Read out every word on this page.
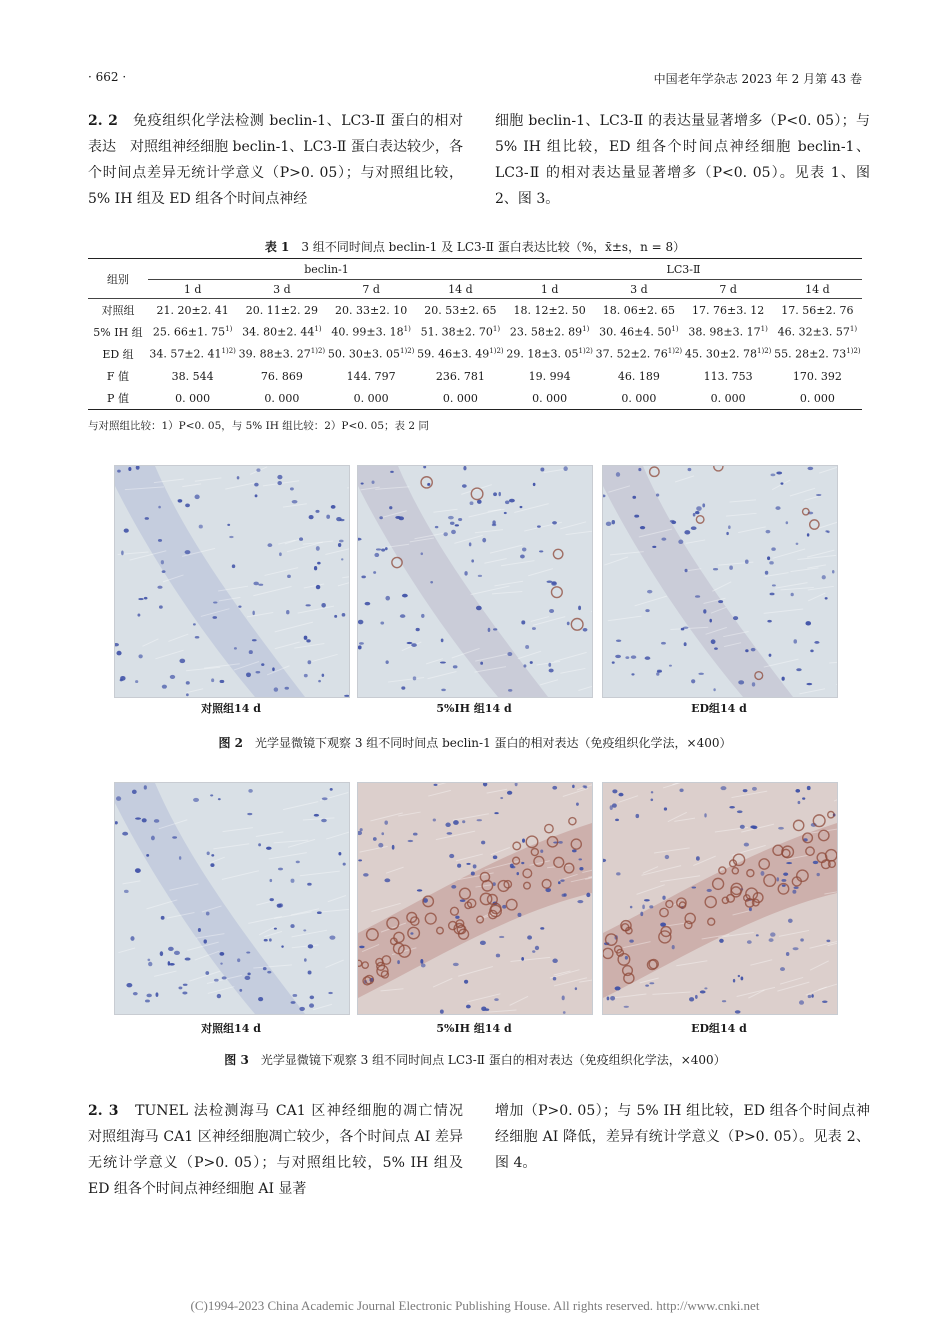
· 662 ·	中国老年学杂志 2023 年 2 月第 43 卷

2. 2　 免疫组织化学法检测 beclin-1、LC3-Ⅱ 蛋白的相对表达　对照组神经细胞 beclin-1、LC3-Ⅱ 蛋白表达较少，各个时间点差异无统计学意义（P>0. 05）；与对照组比较，5% IH 组及 ED 组各个时间点神经

细胞 beclin-1、LC3-Ⅱ 的表达量显著增多（P<0. 05）；与 5% IH 组比较，ED 组各个时间点神经细胞 beclin-1、LC3-Ⅱ 的相对表达量显著增多（P<0. 05）。见表 1、图 2、图 3。

表 1　 3 组不同时间点 beclin-1 及 LC3-Ⅱ 蛋白表达比较（%，x̄±s，n = 8）
组别	beclin-1				LC3-Ⅱ			
	1 d	3 d	7 d	14 d	1 d	3 d	7 d	14 d
对照组	21. 20±2. 41	20. 11±2. 29	20. 33±2. 10	20. 53±2. 65	18. 12±2. 50	18. 06±2. 65	17. 76±3. 12	17. 56±2. 76
5% IH 组	25. 66±1. 75$^{1)}$	34. 80±2. 44$^{1)}$	40. 99±3. 18$^{1)}$	51. 38±2. 70$^{1)}$	23. 58±2. 89$^{1)}$	30. 46±4. 50$^{1)}$	38. 98±3. 17$^{1)}$	46. 32±3. 57$^{1)}$
ED 组	34. 57±2. $41^{1)2)}$	39. 88±3. $27^{1)2)}$	50. 30±3. $05^{1)2)}$	59. 46±3. $49^{1)2)}$	29. 18±3. $05^{1)2)}$	37. 52±2. $76^{1)2)}$	45. 30±2. $78^{1)2)}$	55. 28±2. $73^{1)2)}$
F 值	38. 544	76. 869	144. 797	236. 781	19. 994	46. 189	113. 753	170. 392
P 值	0. 000	0. 000	0. 000	0. 000	0. 000	0. 000	0. 000	0. 000
与对照组比较：1）P<0. 05，与 5% IH 组比较：2）P<0. 05；表 2 同
对照组14 d	5%IH 组14 d	ED组14 d
图 2　 光学显微镜下观察 3 组不同时间点 beclin-1 蛋白的相对表达（免疫组织化学法，×400）
对照组14 d	5%IH 组14 d	ED组14 d
图 3　 光学显微镜下观察 3 组不同时间点 LC3-Ⅱ 蛋白的相对表达（免疫组织化学法，×400）

2. 3　 TUNEL 法检测海马 CA1 区神经细胞的凋亡情况　对照组海马 CA1 区神经细胞凋亡较少，各个时间点 AI 差异无统计学意义（P>0. 05）；与对照组比较，5% IH 组及 ED 组各个时间点神经细胞 AI 显著

增加（P>0. 05）；与 5% IH 组比较，ED 组各个时间点神经细胞 AI 降低，差异有统计学意义（P>0. 05）。见表 2、图 4。

(C)1994-2023 China Academic Journal Electronic Publishing House. All rights reserved. http://www.cnki.net
